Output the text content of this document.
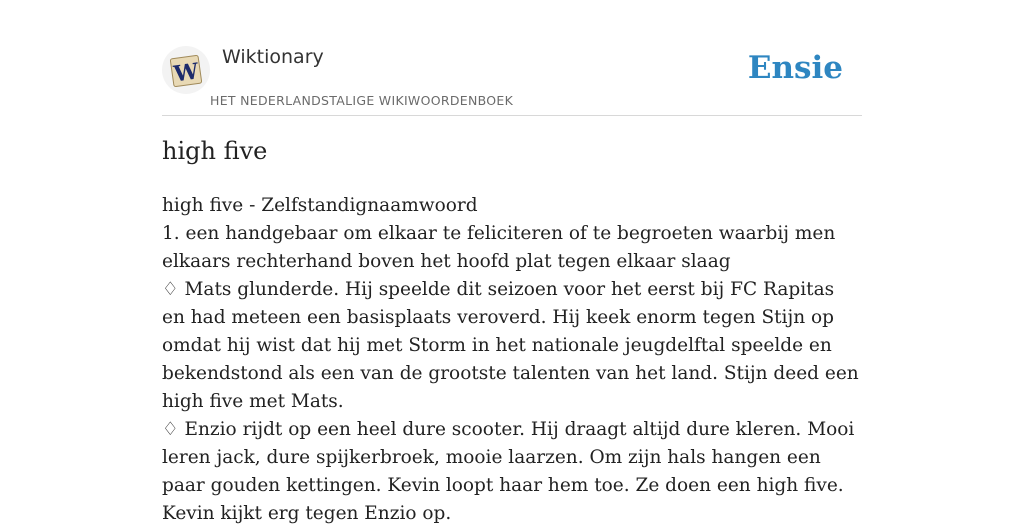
W
Wiktionary
HET NEDERLANDSTALIGE WIKIWOORDENBOEK
Ensie
high five

high five - Zelfstandignaamwoord

1. een handgebaar om elkaar te feliciteren of te begroeten waarbij men elkaars rechterhand boven het hoofd plat tegen elkaar slaag

♢ Mats glunderde. Hij speelde dit seizoen voor het eerst bij FC Rapitas en had meteen een basisplaats veroverd. Hij keek enorm tegen Stijn op omdat hij wist dat hij met Storm in het nationale jeugdelftal speelde en bekendstond als een van de grootste talenten van het land. Stijn deed een high five met Mats.

♢ Enzio rijdt op een heel dure scooter. Hij draagt altijd dure kleren. Mooi leren jack, dure spijkerbroek, mooie laarzen. Om zijn hals hangen een paar gouden kettingen. Kevin loopt haar hem toe. Ze doen een high five. Kevin kijkt erg tegen Enzio op.
